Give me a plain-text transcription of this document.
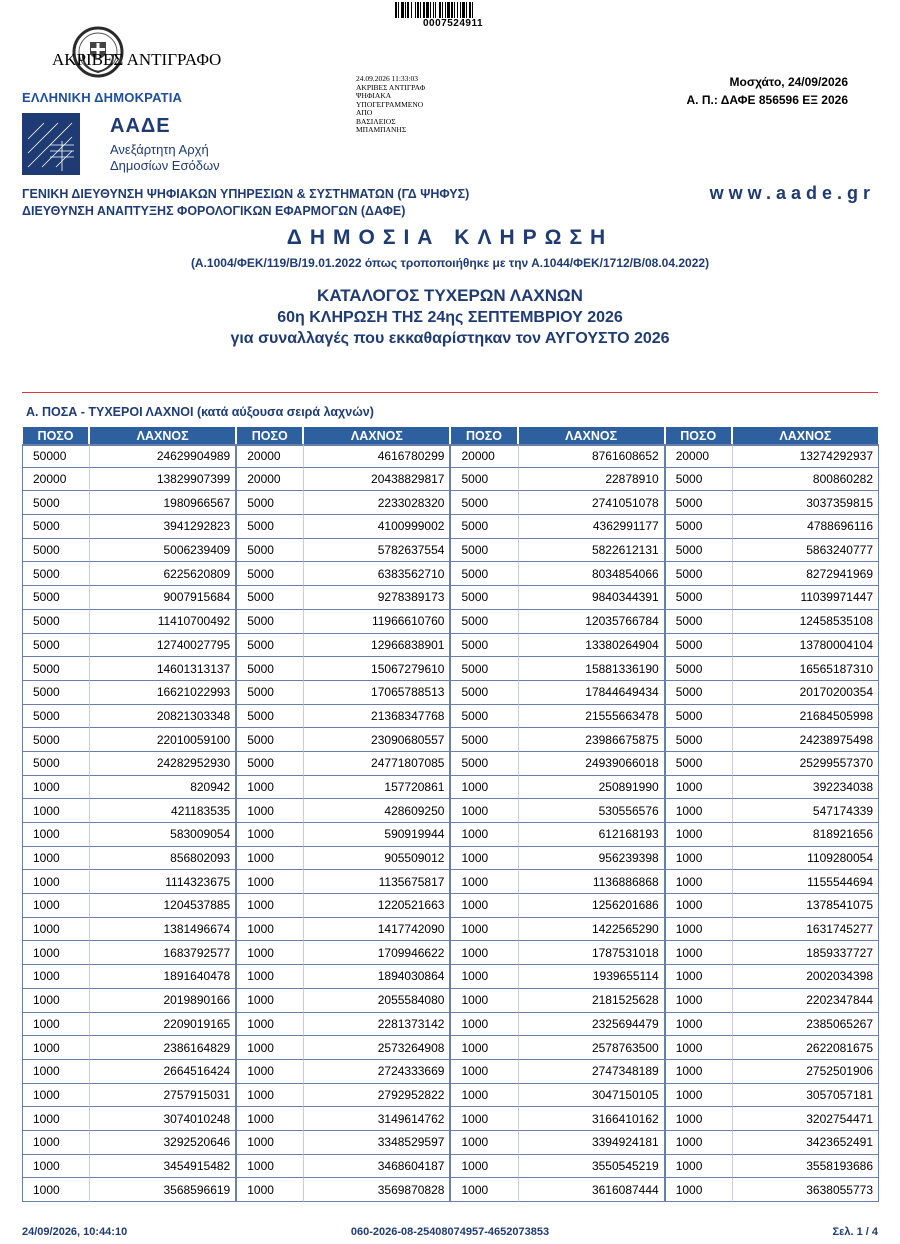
0007524911
ΑΚΡΙΒΕΣ ΑΝΤΙΓΡΑΦΟ
ΕΛΛΗΝΙΚΗ ΔΗΜΟΚΡΑΤΙΑ
ΑΑΔΕ
Ανεξάρτητη Αρχή
Δημοσίων Εσόδων
24.09.2026 11:33:03
ΑΚΡΙΒΕΣ ΑΝΤΙΓΡΑΦ
ΨΗΦΙΑΚΑ
ΥΠΟΓΕΓΡΑΜΜΕΝΟ
ΑΠΟ
ΒΑΣΙΛΕΙΟΣ
ΜΠΑΜΠΑΝΗΣ
Μοσχάτο, 24/09/2026
Α. Π.: ΔΑΦΕ 856596 ΕΞ 2026
ΓΕΝΙΚΗ ΔΙΕΥΘΥΝΣΗ ΨΗΦΙΑΚΩΝ ΥΠΗΡΕΣΙΩΝ & ΣΥΣΤΗΜΑΤΩΝ (ΓΔ ΨΗΦΥΣ)
ΔΙΕΥΘΥΝΣΗ ΑΝΑΠΤΥΞΗΣ ΦΟΡΟΛΟΓΙΚΩΝ ΕΦΑΡΜΟΓΩΝ (ΔΑΦΕ)
www.aade.gr
ΔΗΜΟΣΙΑ ΚΛΗΡΩΣΗ
(Α.1004/ΦΕΚ/119/Β/19.01.2022 όπως τροποποιήθηκε με την Α.1044/ΦΕΚ/1712/Β/08.04.2022)
ΚΑΤΑΛΟΓΟΣ ΤΥΧΕΡΩΝ ΛΑΧΝΩΝ
60η ΚΛΗΡΩΣΗ ΤΗΣ 24ης ΣΕΠΤΕΜΒΡΙΟΥ 2026
για συναλλαγές που εκκαθαρίστηκαν τον ΑΥΓΟΥΣΤΟ 2026
Α. ΠΟΣΑ - ΤΥΧΕΡΟΙ ΛΑΧΝΟΙ (κατά αύξουσα σειρά λαχνών)
ΠΟΣΟ	ΛΑΧΝΟΣ	ΠΟΣΟ	ΛΑΧΝΟΣ	ΠΟΣΟ	ΛΑΧΝΟΣ	ΠΟΣΟ	ΛΑΧΝΟΣ
50000	24629904989	20000	4616780299	20000	8761608652	20000	13274292937
20000	13829907399	20000	20438829817	5000	22878910	5000	800860282
5000	1980966567	5000	2233028320	5000	2741051078	5000	3037359815
5000	3941292823	5000	4100999002	5000	4362991177	5000	4788696116
5000	5006239409	5000	5782637554	5000	5822612131	5000	5863240777
5000	6225620809	5000	6383562710	5000	8034854066	5000	8272941969
5000	9007915684	5000	9278389173	5000	9840344391	5000	11039971447
5000	11410700492	5000	11966610760	5000	12035766784	5000	12458535108
5000	12740027795	5000	12966838901	5000	13380264904	5000	13780004104
5000	14601313137	5000	15067279610	5000	15881336190	5000	16565187310
5000	16621022993	5000	17065788513	5000	17844649434	5000	20170200354
5000	20821303348	5000	21368347768	5000	21555663478	5000	21684505998
5000	22010059100	5000	23090680557	5000	23986675875	5000	24238975498
5000	24282952930	5000	24771807085	5000	24939066018	5000	25299557370
1000	820942	1000	157720861	1000	250891990	1000	392234038
1000	421183535	1000	428609250	1000	530556576	1000	547174339
1000	583009054	1000	590919944	1000	612168193	1000	818921656
1000	856802093	1000	905509012	1000	956239398	1000	1109280054
1000	1114323675	1000	1135675817	1000	1136886868	1000	1155544694
1000	1204537885	1000	1220521663	1000	1256201686	1000	1378541075
1000	1381496674	1000	1417742090	1000	1422565290	1000	1631745277
1000	1683792577	1000	1709946622	1000	1787531018	1000	1859337727
1000	1891640478	1000	1894030864	1000	1939655114	1000	2002034398
1000	2019890166	1000	2055584080	1000	2181525628	1000	2202347844
1000	2209019165	1000	2281373142	1000	2325694479	1000	2385065267
1000	2386164829	1000	2573264908	1000	2578763500	1000	2622081675
1000	2664516424	1000	2724333669	1000	2747348189	1000	2752501906
1000	2757915031	1000	2792952822	1000	3047150105	1000	3057057181
1000	3074010248	1000	3149614762	1000	3166410162	1000	3202754471
1000	3292520646	1000	3348529597	1000	3394924181	1000	3423652491
1000	3454915482	1000	3468604187	1000	3550545219	1000	3558193686
1000	3568596619	1000	3569870828	1000	3616087444	1000	3638055773
24/09/2026, 10:44:10	060-2026-08-25408074957-4652073853	Σελ. 1 / 4
